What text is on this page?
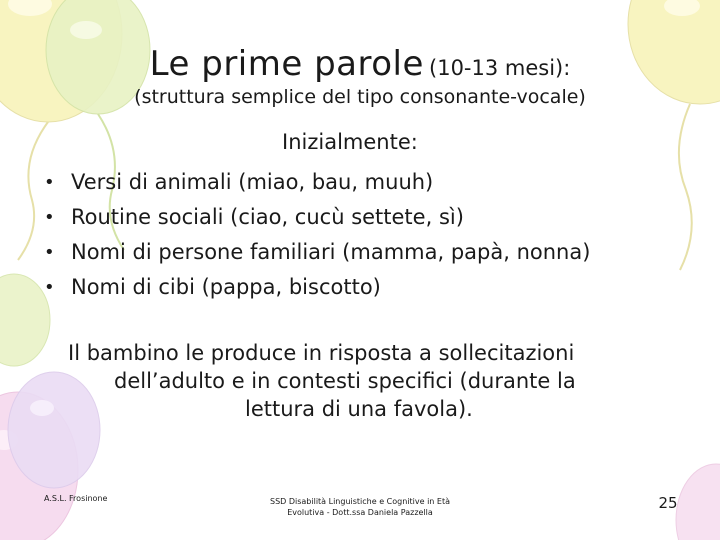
Le prime parole (10-13 mesi):
(struttura semplice del tipo consonante-vocale)
Inizialmente:
• Versi di animali (miao, bau, muuh)
• Routine sociali (ciao, cucù settete, sì)
• Nomi di persone familiari (mamma, papà, nonna)
• Nomi di cibi (pappa, biscotto)
Il bambino le produce in risposta a sollecitazioni
dell’adulto e in contesti specifici (durante la
lettura di una favola).
A.S.L. Frosinone	SSD Disabilità Linguistiche e Cognitive in Età
Evolutiva - Dott.ssa Daniela Pazzella
25
